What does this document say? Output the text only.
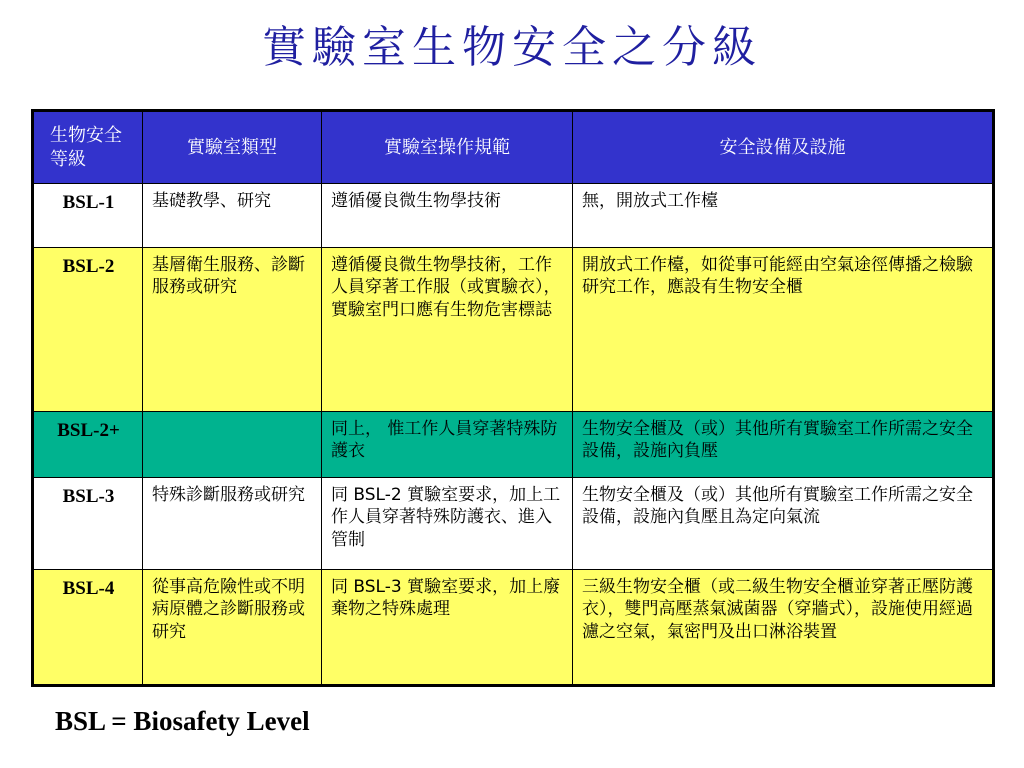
實驗室生物安全之分級
生物安全等級	實驗室類型	實驗室操作規範	安全設備及設施
BSL-1	基礎教學、研究	遵循優良微生物學技術	無，開放式工作檯
BSL-2	基層衛生服務、診斷服務或研究	遵循優良微生物學技術，工作人員穿著工作服（或實驗衣），實驗室門口應有生物危害標誌	開放式工作檯，如從事可能經由空氣途徑傳播之檢驗研究工作，應設有生物安全櫃
BSL-2+		同上， 惟工作人員穿著特殊防護衣	生物安全櫃及（或）其他所有實驗室工作所需之安全設備，設施內負壓
BSL-3	特殊診斷服務或研究	同 BSL-2 實驗室要求，加上工作人員穿著特殊防護衣、進入管制	生物安全櫃及（或）其他所有實驗室工作所需之安全設備，設施內負壓且為定向氣流
BSL-4	從事高危險性或不明病原體之診斷服務或研究	同 BSL-3 實驗室要求，加上廢棄物之特殊處理	三級生物安全櫃（或二級生物安全櫃並穿著正壓防護衣），雙門高壓蒸氣滅菌器（穿牆式），設施使用經過濾之空氣，氣密門及出口淋浴裝置
BSL = Biosafety Level
